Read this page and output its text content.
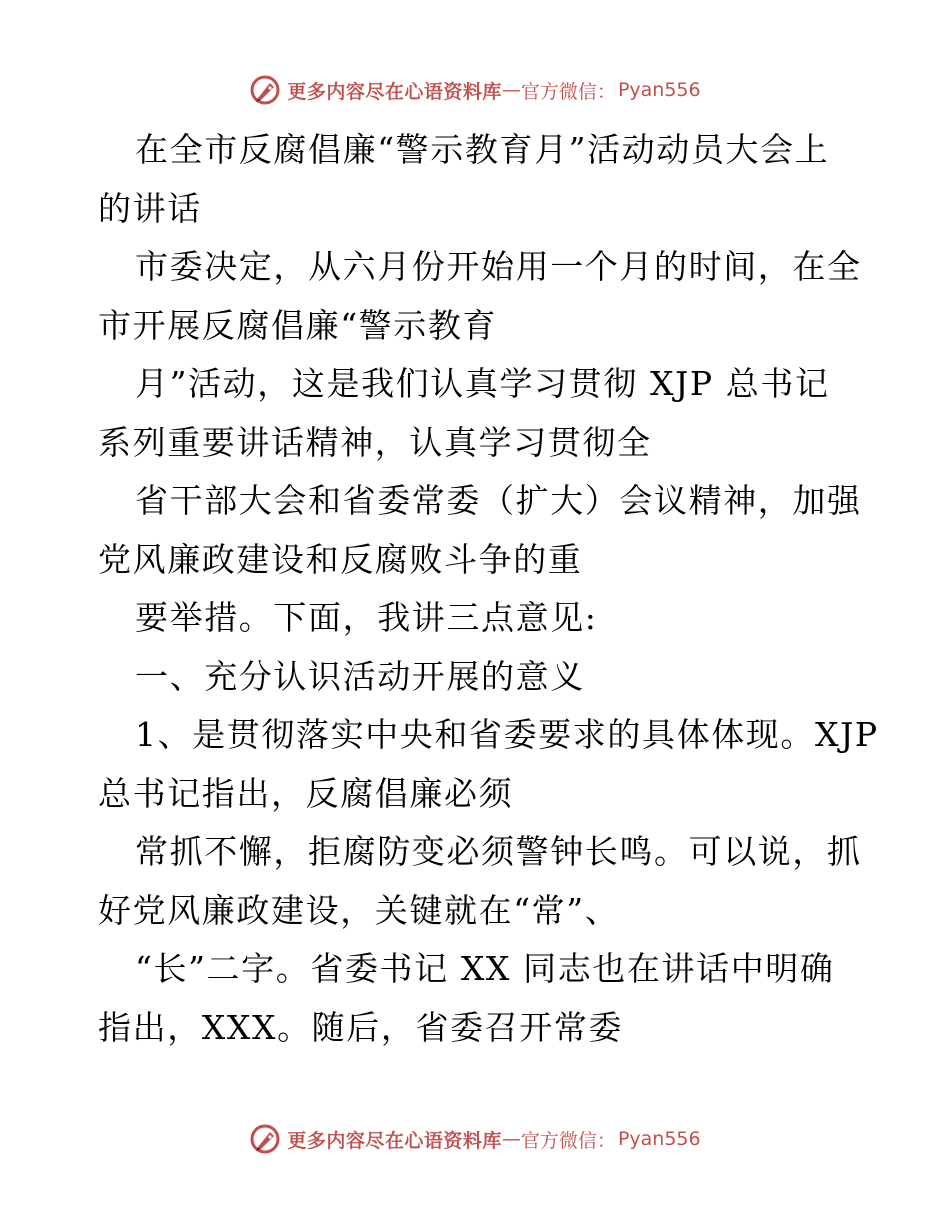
更多内容尽在心语资料库 — 官方微信： Pyan556
在全市反腐倡廉“警示教育月”活动动员大会上
的讲话
市委决定，从六月份开始用一个月的时间，在全
市开展反腐倡廉“警示教育
月”活动，这是我们认真学习贯彻 XJP 总书记
系列重要讲话精神，认真学习贯彻全
省干部大会和省委常委（扩大）会议精神，加强
党风廉政建设和反腐败斗争的重
要举措。下面，我讲三点意见:
一、充分认识活动开展的意义
1、是贯彻落实中央和省委要求的具体体现。XJP
总书记指出，反腐倡廉必须
常抓不懈，拒腐防变必须警钟长鸣。可以说，抓
好党风廉政建设，关键就在“常”、
“长”二字。省委书记 XX 同志也在讲话中明确
指出，XXX。随后，省委召开常委
更多内容尽在心语资料库 — 官方微信： Pyan556
